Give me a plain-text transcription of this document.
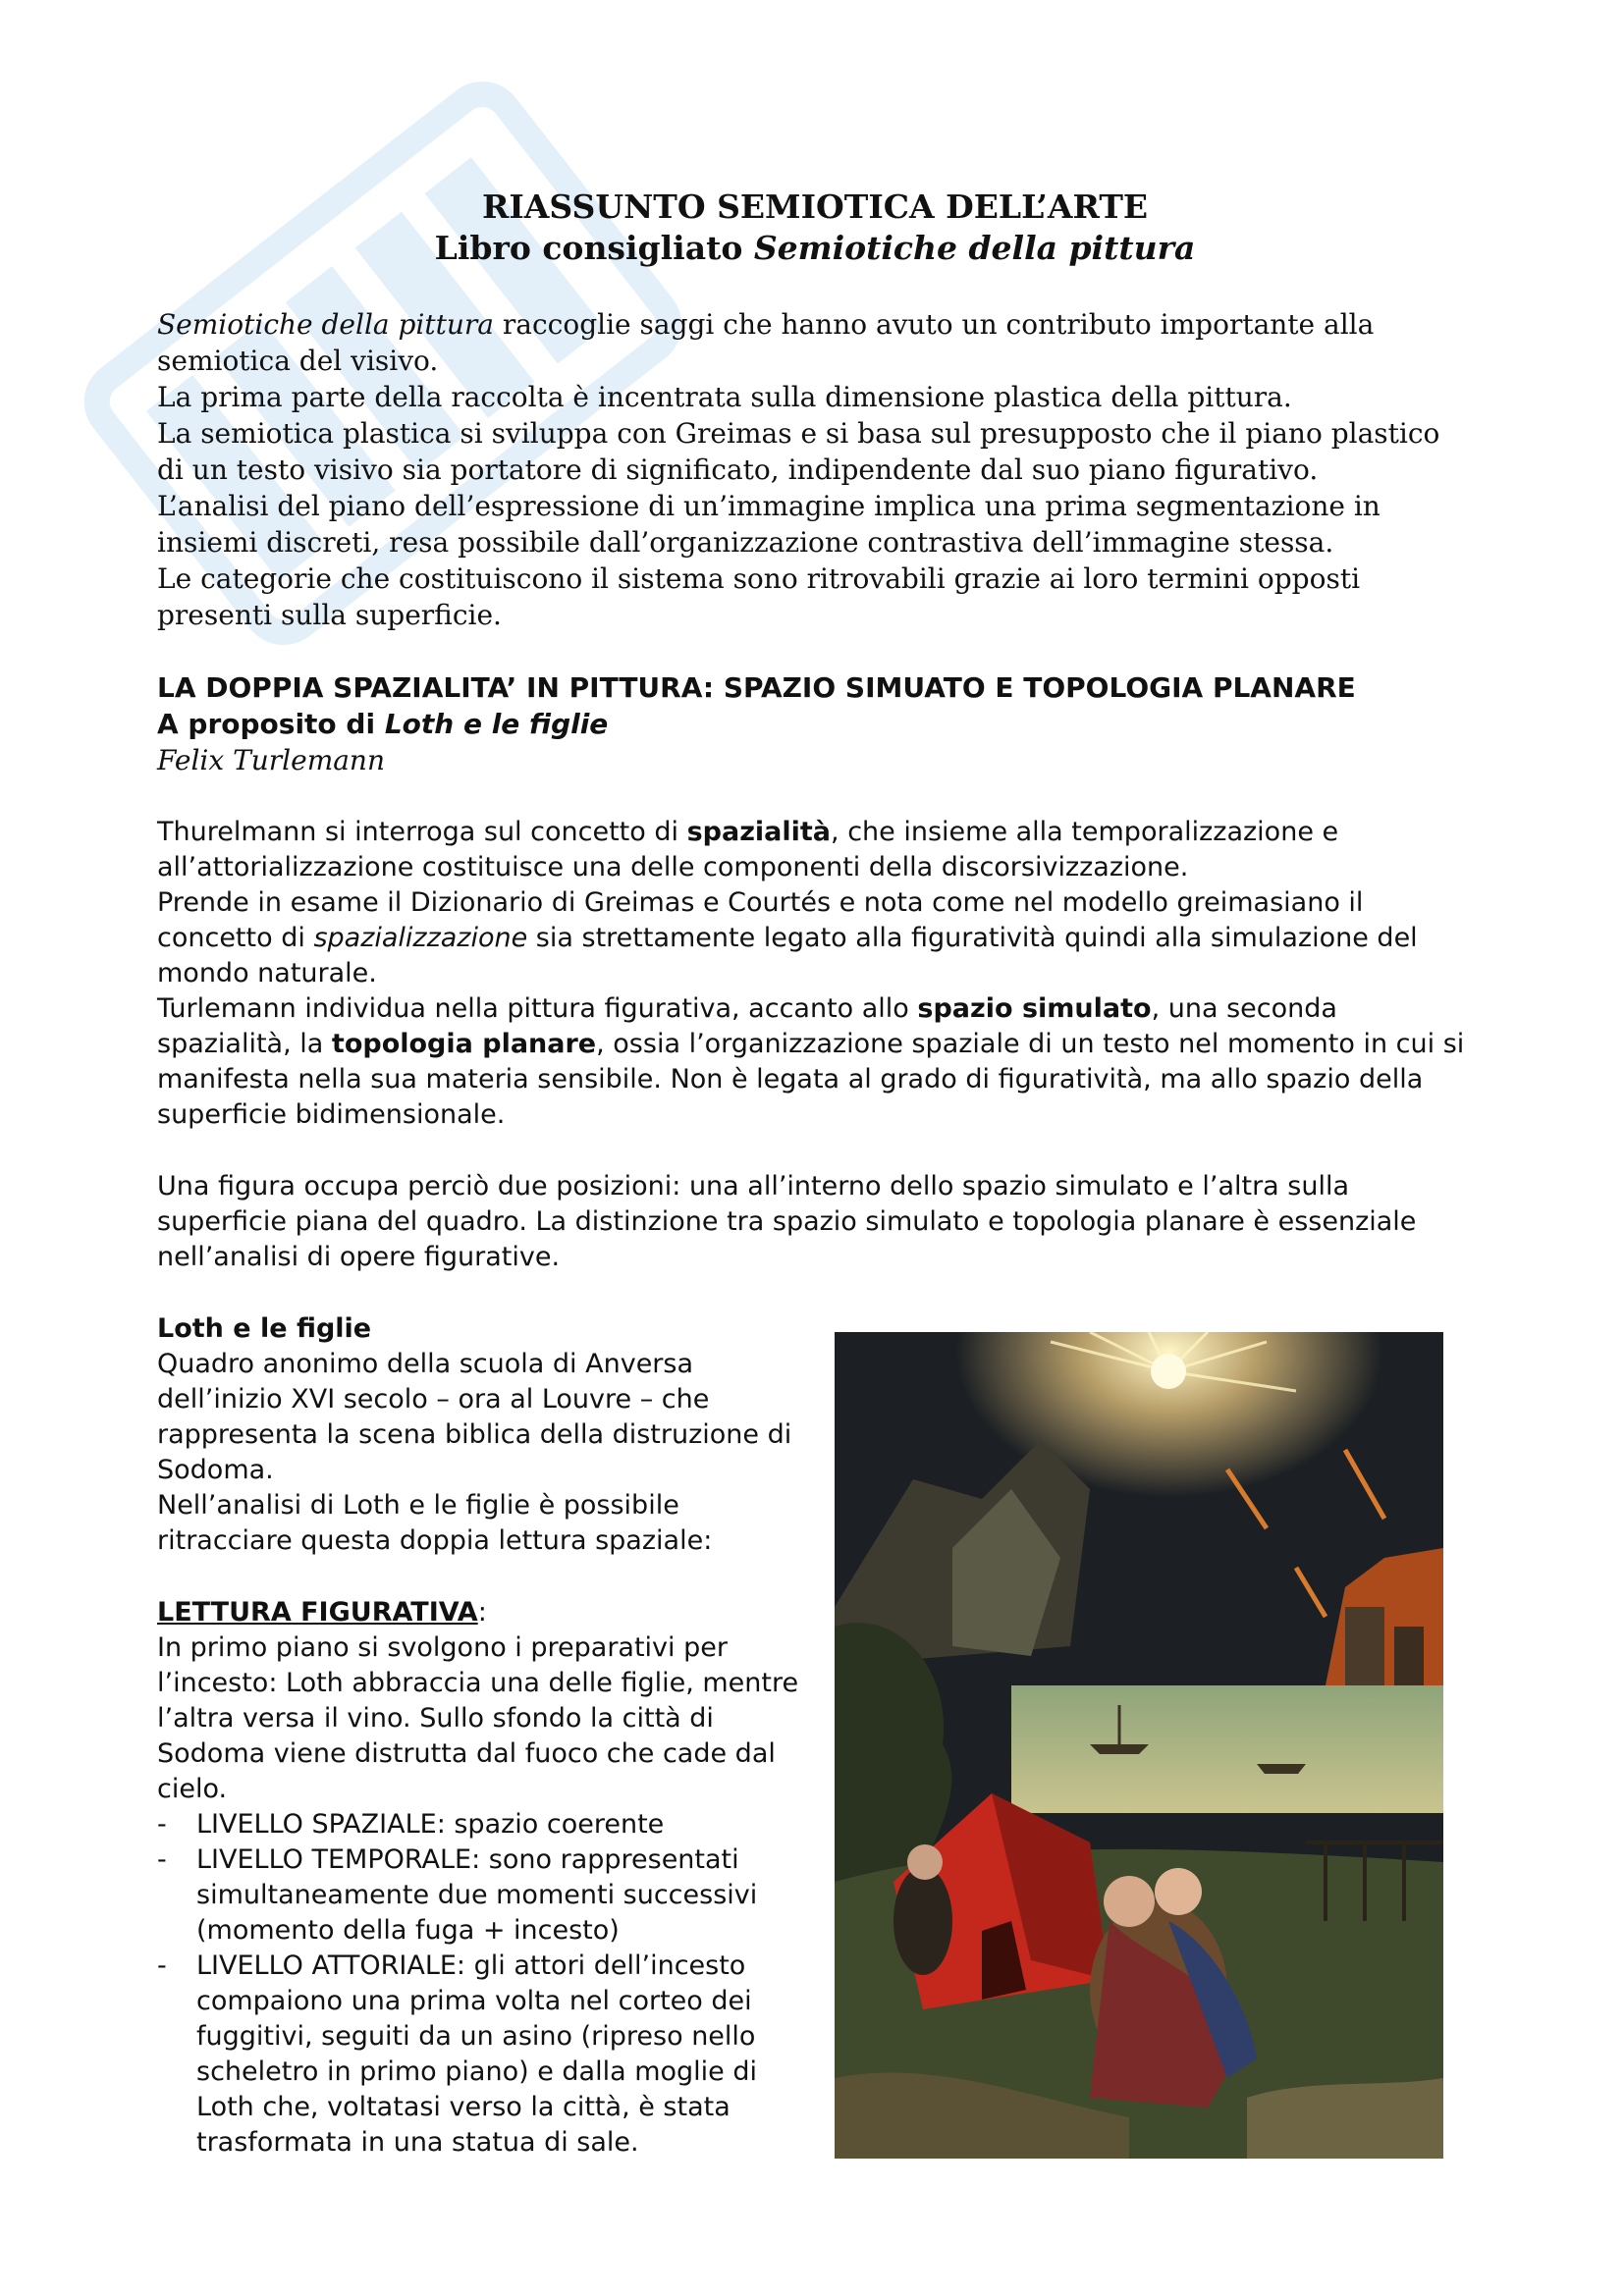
RIASSUNTO SEMIOTICA DELL’ARTE

Libro consigliato Semiotiche della pittura

Semiotiche della pittura raccoglie saggi che hanno avuto un contributo importante alla semiotica del visivo.

La prima parte della raccolta è incentrata sulla dimensione plastica della pittura.

La semiotica plastica si sviluppa con Greimas e si basa sul presupposto che il piano plastico di un testo visivo sia portatore di significato, indipendente dal suo piano figurativo.

L’analisi del piano dell’espressione di un’immagine implica una prima segmentazione in insiemi discreti, resa possibile dall’organizzazione contrastiva dell’immagine stessa.

Le categorie che costituiscono il sistema sono ritrovabili grazie ai loro termini opposti presenti sulla superficie.

LA DOPPIA SPAZIALITA’ IN PITTURA: SPAZIO SIMUATO E TOPOLOGIA PLANARE

A proposito di Loth e le figlie

Felix Turlemann

Thurelmann si interroga sul concetto di spazialità, che insieme alla temporalizzazione e all’attorializzazione costituisce una delle componenti della discorsivizzazione.

Prende in esame il Dizionario di Greimas e Courtés e nota come nel modello greimasiano il concetto di spazializzazione sia strettamente legato alla figuratività quindi alla simulazione del mondo naturale.

Turlemann individua nella pittura figurativa, accanto allo spazio simulato, una seconda spazialità, la topologia planare, ossia l’organizzazione spaziale di un testo nel momento in cui si manifesta nella sua materia sensibile. Non è legata al grado di figuratività, ma allo spazio della superficie bidimensionale.

Una figura occupa perciò due posizioni: una all’interno dello spazio simulato e l’altra sulla superficie piana del quadro. La distinzione tra spazio simulato e topologia planare è essenziale nell’analisi di opere figurative.

Loth e le figlie

Quadro anonimo della scuola di Anversa dell’inizio XVI secolo – ora al Louvre – che rappresenta la scena biblica della distruzione di Sodoma.

Nell’analisi di Loth e le figlie è possibile ritracciare questa doppia lettura spaziale:

LETTURA FIGURATIVA:

In primo piano si svolgono i preparativi per l’incesto: Loth abbraccia una delle figlie, mentre l’altra versa il vino. Sullo sfondo la città di Sodoma viene distrutta dal fuoco che cade dal cielo.

- LIVELLO SPAZIALE: spazio coerente
- LIVELLO TEMPORALE: sono rappresentati simultaneamente due momenti successivi (momento della fuga + incesto)
- LIVELLO ATTORIALE: gli attori dell’incesto compaiono una prima volta nel corteo dei fuggitivi, seguiti da un asino (ripreso nello scheletro in primo piano) e dalla moglie di Loth che, voltatasi verso la città, è stata trasformata in una statua di sale.
